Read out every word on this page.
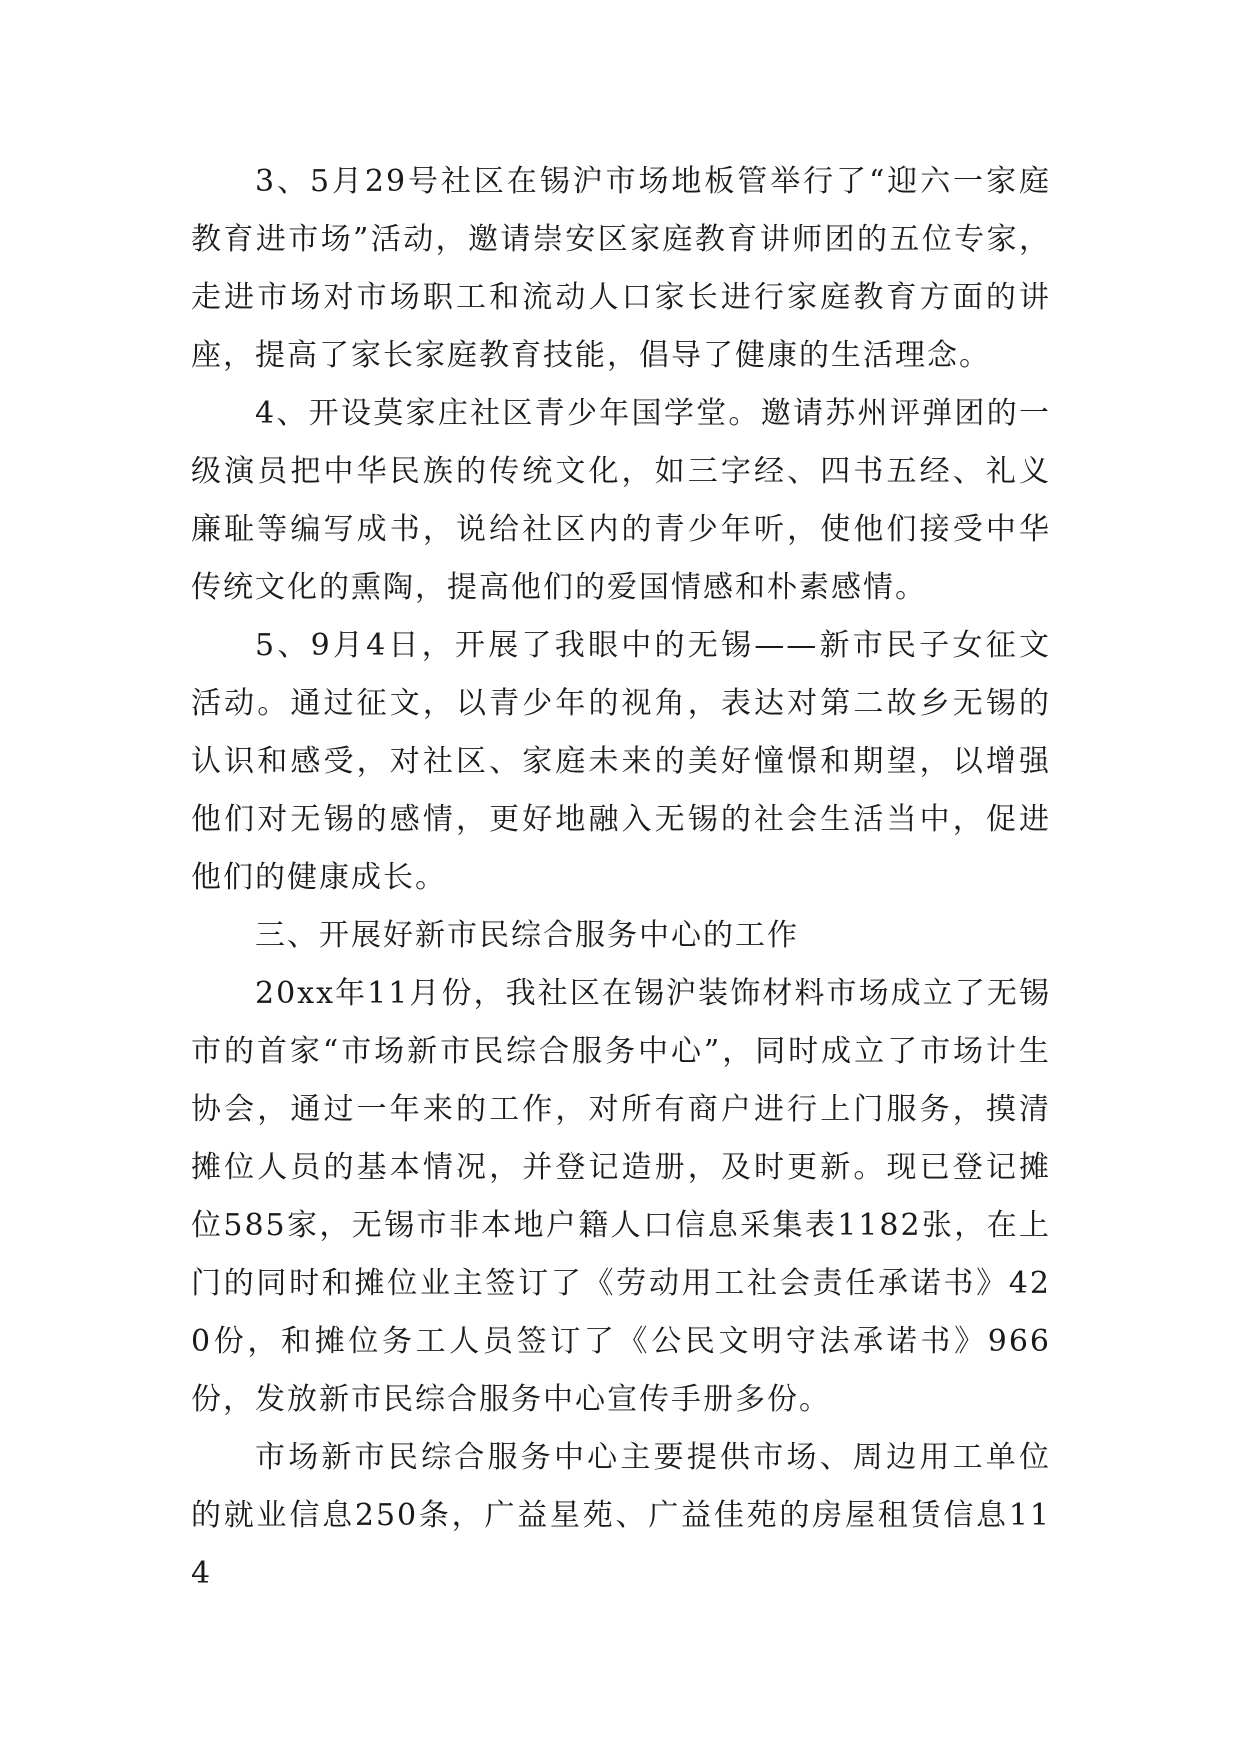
3、5月29号社区在锡沪市场地板管举行了“迎六一家庭教育进市场”活动，邀请崇安区家庭教育讲师团的五位专家，走进市场对市场职工和流动人口家长进行家庭教育方面的讲座，提高了家长家庭教育技能，倡导了健康的生活理念。

4、开设莫家庄社区青少年国学堂。邀请苏州评弹团的一级演员把中华民族的传统文化，如三字经、四书五经、礼义廉耻等编写成书，说给社区内的青少年听，使他们接受中华传统文化的熏陶，提高他们的爱国情感和朴素感情。

5、9月4日，开展了我眼中的无锡——新市民子女征文活动。通过征文，以青少年的视角，表达对第二故乡无锡的认识和感受，对社区、家庭未来的美好憧憬和期望，以增强他们对无锡的感情，更好地融入无锡的社会生活当中，促进他们的健康成长。

三、开展好新市民综合服务中心的工作

20xx年11月份，我社区在锡沪装饰材料市场成立了无锡市的首家“市场新市民综合服务中心”，同时成立了市场计生协会，通过一年来的工作，对所有商户进行上门服务，摸清摊位人员的基本情况，并登记造册，及时更新。现已登记摊位585家，无锡市非本地户籍人口信息采集表1182张，在上门的同时和摊位业主签订了《劳动用工社会责任承诺书》420份，和摊位务工人员签订了《公民文明守法承诺书》966份，发放新市民综合服务中心宣传手册多份。

市场新市民综合服务中心主要提供市场、周边用工单位的就业信息250条，广益星苑、广益佳苑的房屋租赁信息114
